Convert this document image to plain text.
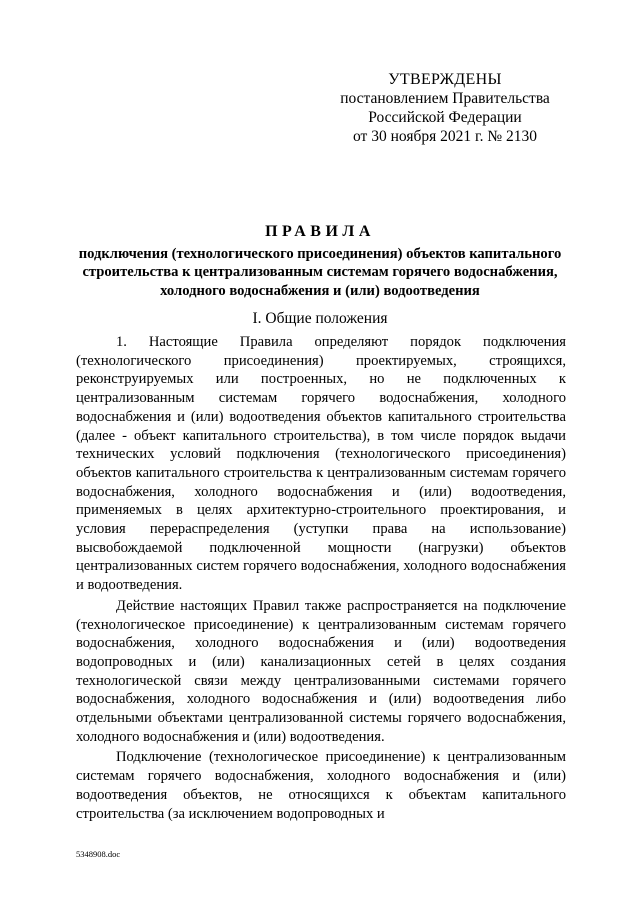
УТВЕРЖДЕНЫ
постановлением Правительства
Российской Федерации
от 30 ноября 2021 г. № 2130
ПРАВИЛА
подключения (технологического присоединения) объектов капитального строительства к централизованным системам горячего водоснабжения, холодного водоснабжения и (или) водоотведения
I. Общие положения

1. Настоящие Правила определяют порядок подключения (технологического присоединения) проектируемых, строящихся, реконструируемых или построенных, но не подключенных к централизованным системам горячего водоснабжения, холодного водоснабжения и (или) водоотведения объектов капитального строительства (далее - объект капитального строительства), в том числе порядок выдачи технических условий подключения (технологического присоединения) объектов капитального строительства к централизованным системам горячего водоснабжения, холодного водоснабжения и (или) водоотведения, применяемых в целях архитектурно-строительного проектирования, и условия перераспределения (уступки права на использование) высвобождаемой подключенной мощности (нагрузки) объектов централизованных систем горячего водоснабжения, холодного водоснабжения и водоотведения.

Действие настоящих Правил также распространяется на подключение (технологическое присоединение) к централизованным системам горячего водоснабжения, холодного водоснабжения и (или) водоотведения водопроводных и (или) канализационных сетей в целях создания технологической связи между централизованными системами горячего водоснабжения, холодного водоснабжения и (или) водоотведения либо отдельными объектами централизованной системы горячего водоснабжения, холодного водоснабжения и (или) водоотведения.

Подключение (технологическое присоединение) к централизованным системам горячего водоснабжения, холодного водоснабжения и (или) водоотведения объектов, не относящихся к объектам капитального строительства (за исключением водопроводных и

5348908.doc
